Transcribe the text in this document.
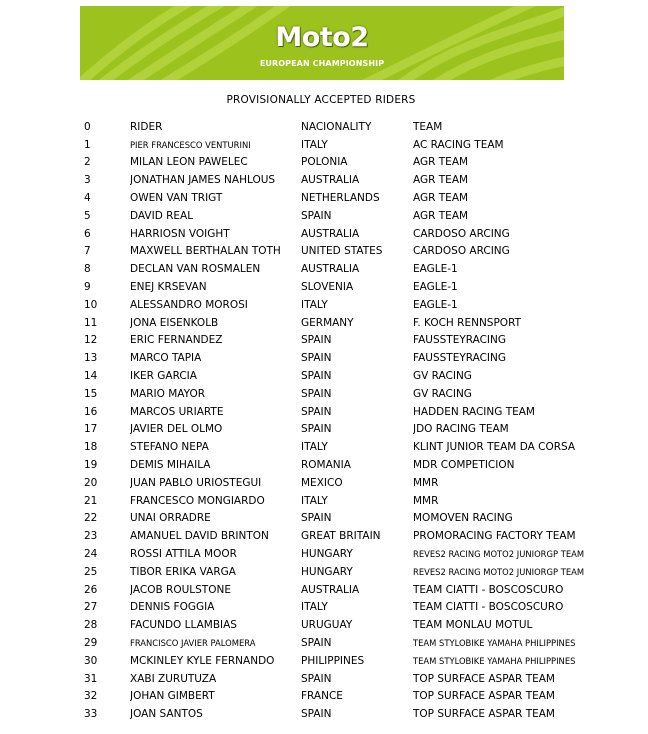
Moto2
EUROPEAN CHAMPIONSHIP
PROVISIONALLY ACCEPTED RIDERS
0	RIDER	NACIONALITY	TEAM
1	PIER FRANCESCO VENTURINI	ITALY	AC RACING TEAM
2	MILAN LEON PAWELEC	POLONIA	AGR TEAM
3	JONATHAN JAMES NAHLOUS	AUSTRALIA	AGR TEAM
4	OWEN VAN TRIGT	NETHERLANDS	AGR TEAM
5	DAVID REAL	SPAIN	AGR TEAM
6	HARRIOSN VOIGHT	AUSTRALIA	CARDOSO ARCING
7	MAXWELL BERTHALAN TOTH	UNITED STATES	CARDOSO ARCING
8	DECLAN VAN ROSMALEN	AUSTRALIA	EAGLE-1
9	ENEJ KRSEVAN	SLOVENIA	EAGLE-1
10	ALESSANDRO MOROSI	ITALY	EAGLE-1
11	JONA EISENKOLB	GERMANY	F. KOCH RENNSPORT
12	ERIC FERNANDEZ	SPAIN	FAUSSTEYRACING
13	MARCO TAPIA	SPAIN	FAUSSTEYRACING
14	IKER GARCIA	SPAIN	GV RACING
15	MARIO MAYOR	SPAIN	GV RACING
16	MARCOS URIARTE	SPAIN	HADDEN RACING TEAM
17	JAVIER DEL OLMO	SPAIN	JDO RACING TEAM
18	STEFANO NEPA	ITALY	KLINT JUNIOR TEAM DA CORSA
19	DEMIS MIHAILA	ROMANIA	MDR COMPETICION
20	JUAN PABLO URIOSTEGUI	MEXICO	MMR
21	FRANCESCO MONGIARDO	ITALY	MMR
22	UNAI ORRADRE	SPAIN	MOMOVEN RACING
23	AMANUEL DAVID BRINTON	GREAT BRITAIN	PROMORACING FACTORY TEAM
24	ROSSI ATTILA MOOR	HUNGARY	REVES2 RACING MOTO2 JUNIORGP TEAM
25	TIBOR ERIKA VARGA	HUNGARY	REVES2 RACING MOTO2 JUNIORGP TEAM
26	JACOB ROULSTONE	AUSTRALIA	TEAM CIATTI - BOSCOSCURO
27	DENNIS FOGGIA	ITALY	TEAM CIATTI - BOSCOSCURO
28	FACUNDO LLAMBIAS	URUGUAY	TEAM MONLAU MOTUL
29	FRANCISCO JAVIER PALOMERA	SPAIN	TEAM STYLOBIKE YAMAHA PHILIPPINES
30	MCKINLEY KYLE FERNANDO	PHILIPPINES	TEAM STYLOBIKE YAMAHA PHILIPPINES
31	XABI ZURUTUZA	SPAIN	TOP SURFACE ASPAR TEAM
32	JOHAN GIMBERT	FRANCE	TOP SURFACE ASPAR TEAM
33	JOAN SANTOS	SPAIN	TOP SURFACE ASPAR TEAM
